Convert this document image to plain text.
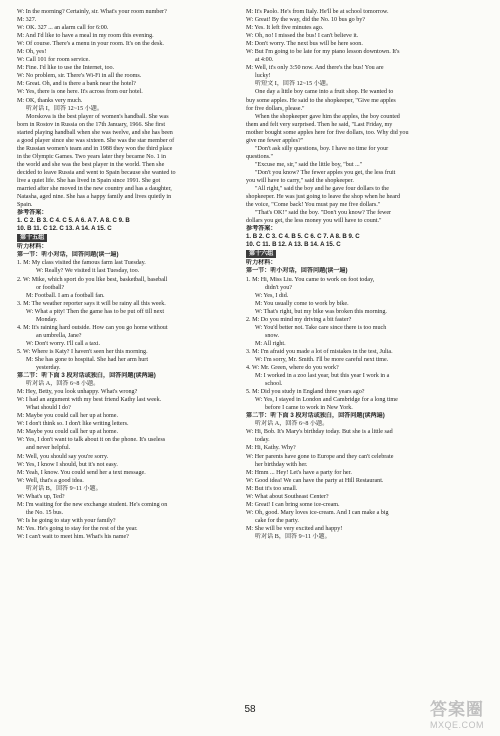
W: In the morning? Certainly, sir. What's your room number?
M: 327.
W: OK. 327 ... an alarm call for 6:00.
M: And I'd like to have a meal in my room this evening.
W: Of course. There's a menu in your room. It's on the desk.
M: Oh, yes!
W: Call 101 for room service.
M: Fine. I'd like to use the Internet, too.
W: No problem, sir. There's Wi-Fi in all the rooms.
M: Great. Oh, and is there a bank near the hotel?
W: Yes, there is one here. It's across from our hotel.
M: OK, thanks very much.
听对话 I，回答 12~15 小题。
Morskova is the best player of women's handball. She was
born in Rostov in Russia on the 17th January, 1966. She first
started playing handball when she was twelve, and she has been
a good player since she was sixteen. She was the star member of
the Russian women's team and in 1988 they won the third place
in the Olympic Games. Two years later they became No. 1 in
the world and she was the best player in the world. Then she
decided to leave Russia and went to Spain because she wanted to
live a quiet life. She has lived in Spain since 1991. She got
married after she moved in the new country and has a daughter,
Natasha, aged nine. She has a happy family and lives quietly in
Spain.
参考答案：
1. C 2. B 3. C 4. C 5. A 6. A 7. A 8. C 9. B
10. B 11. C 12. C 13. A 14. A 15. C
第十五组
听力材料：
第一节：听小对话，回答问题(读一遍)
1. M: My class visited the famous farm last Tuesday.
W: Really? We visited it last Tuesday, too.
2. W: Mike, which sport do you like best, basketball, baseball
or football?
M: Football. I am a football fan.
3. M: The weather reporter says it will be rainy all this week.
W: What a pity! Then the game has to be put off till next
Monday.
4. M: It's raining hard outside. How can you go home without
an umbrella, Jane?
W: Don't worry. I'll call a taxi.
5. W: Where is Katy? I haven't seen her this morning.
M: She has gone to hospital. She had her arm hurt
yesterday.
第二节：听下面 3 段对话或独白，回答问题(读两遍)
听对话 A，回答 6~8 小题。
M: Hey, Betty, you look unhappy. What's wrong?
W: I had an argument with my best friend Kathy last week.
What should I do?
M: Maybe you could call her up at home.
W: I don't think so. I don't like writing letters.
M: Maybe you could call her up at home.
W: Yes, I don't want to talk about it on the phone. It's useless
and never helpful.
M: Well, you should say you're sorry.
W: Yes, I know I should, but it's not easy.
M: Yeah, I know. You could send her a text message.
W: Well, that's a good idea.
听对话 B，回答 9~11 小题。
W: What's up, Ted?
M: I'm waiting for the new exchange student. He's coming on
the No. 15 bus.
W: Is he going to stay with your family?
M: Yes. He's going to stay for the rest of the year.
W: I can't wait to meet him. What's his name?
M: It's Paolo. He's from Italy. He'll be at school tomorrow.
W: Great! By the way, did the No. 10 bus go by?
M: Yes. It left five minutes ago.
W: Oh, no! I missed the bus! I can't believe it.
M: Don't worry. The next bus will be here soon.
W: But I'm going to be late for my piano lesson downtown. It's
at 4:00.
M: Well, it's only 3:50 now. And there's the bus! You are
lucky!
听短文 I，回答 12~15 小题。
One day a little boy came into a fruit shop. He wanted to
buy some apples. He said to the shopkeeper, "Give me apples
for five dollars, please."
When the shopkeeper gave him the apples, the boy counted
them and felt very surprised. Then he said, "Last Friday, my
mother bought some apples here for five dollars, too. Why did you
give me fewer apples?"
"Don't ask silly questions, boy. I have no time for your
questions."
"Excuse me, sir," said the little boy, "but ..."
"Don't you know? The fewer apples you get, the less fruit
you will have to carry," said the shopkeeper.
"All right," said the boy and he gave four dollars to the
shopkeeper. He was just going to leave the shop when he heard
the voice, "Come back! You must pay me five dollars."
"That's OK!" said the boy. "Don't you know? The fewer
dollars you get, the less money you will have to count."
参考答案：
1. B 2. C 3. C 4. B 5. C 6. C 7. A 8. B 9. C
10. C 11. B 12. A 13. B 14. A 15. C
第十六组
听力材料：
第一节：听小对话，回答问题(读一遍)
1. M: Hi, Miss Liu. You came to work on foot today,
didn't you?
W: Yes, I did.
M: You usually come to work by bike.
W: That's right, but my bike was broken this morning.
2. M: Do you mind my driving a bit faster?
W: You'd better not. Take care since there is too much
snow.
M: All right.
3. M: I'm afraid you made a lot of mistakes in the test, Julia.
W: I'm sorry, Mr. Smith. I'll be more careful next time.
4. W: Mr. Green, where do you work?
M: I worked in a zoo last year, but this year I work in a
school.
5. M: Did you study in England three years ago?
W: Yes, I stayed in London and Cambridge for a long time
before I came to work in New York.
第二节：听下面 3 段对话或独白，回答问题(读两遍)
听对话 A，回答 6~8 小题。
W: Hi, Bob. It's Mary's birthday today. But she is a little sad
today.
M: Hi, Kathy. Why?
W: Her parents have gone to Europe and they can't celebrate
her birthday with her.
M: Hmm ... Hey! Let's have a party for her.
W: Good idea! We can have the party at Hill Restaurant.
M: But it's too small.
W: What about Southeast Center?
M: Great! I can bring some ice-cream.
W: Oh, good. Mary loves ice-cream. And I can make a big
cake for the party.
M: She will be very excited and happy!
听对话 B，回答 9~11 小题。
58	答案圈
MXQE.COM
